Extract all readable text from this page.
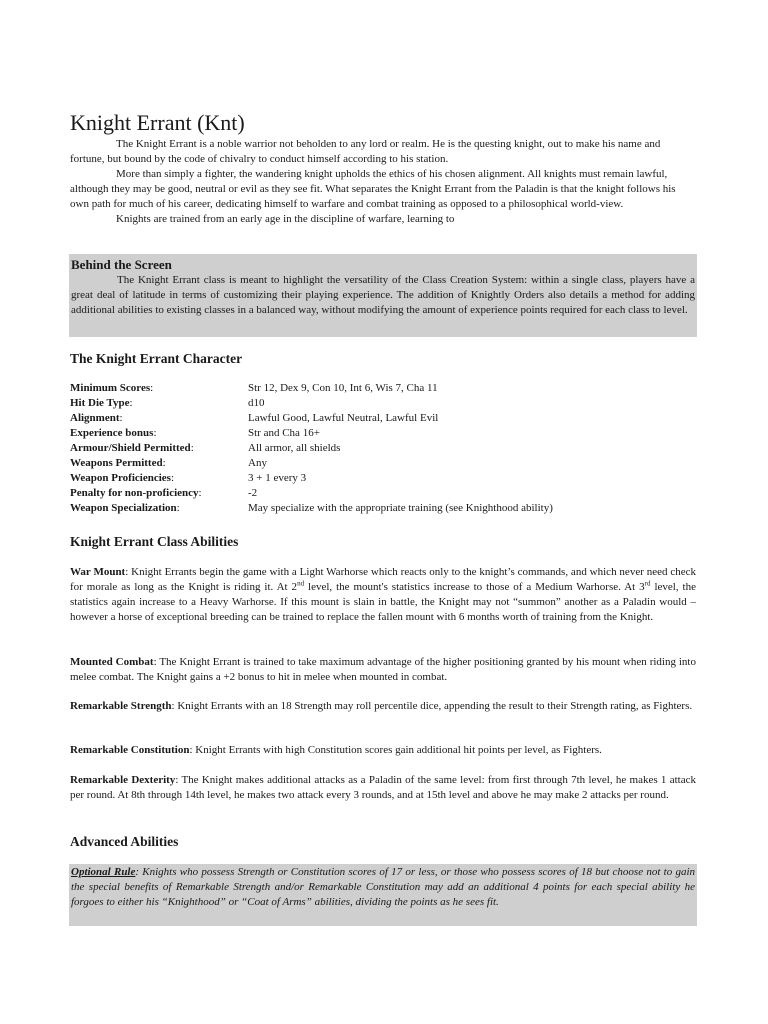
Knight Errant (Knt)

The Knight Errant is a noble warrior not beholden to any lord or realm. He is the questing knight, out to make his name and fortune, but bound by the code of chivalry to conduct himself according to his station.

More than simply a fighter, the wandering knight upholds the ethics of his chosen alignment. All knights must remain lawful, although they may be good, neutral or evil as they see fit. What separates the Knight Errant from the Paladin is that the knight follows his own path for much of his career, dedicating himself to warfare and combat training as opposed to a philosophical world-view.

Knights are trained from an early age in the discipline of warfare, learning to

Behind the Screen

The Knight Errant class is meant to highlight the versatility of the Class Creation System: within a single class, players have a great deal of latitude in terms of customizing their playing experience. The addition of Knightly Orders also details a method for adding additional abilities to existing classes in a balanced way, without modifying the amount of experience points required for each class to level.

The Knight Errant Character
Minimum Scores:	Str 12, Dex 9, Con 10, Int 6, Wis 7, Cha 11
Hit Die Type:	d10
Alignment:	Lawful Good, Lawful Neutral, Lawful Evil
Experience bonus:	Str and Cha 16+
Armour/Shield Permitted:	All armor, all shields
Weapons Permitted:	Any
Weapon Proficiencies:	3 + 1 every 3
Penalty for non-proficiency:	-2
Weapon Specialization:	May specialize with the appropriate training (see Knighthood ability)
Knight Errant Class Abilities

War Mount: Knight Errants begin the game with a Light Warhorse which reacts only to the knight’s commands, and which never need check for morale as long as the Knight is riding it. At 2nd level, the mount's statistics increase to those of a Medium Warhorse. At 3rd level, the statistics again increase to a Heavy Warhorse. If this mount is slain in battle, the Knight may not “summon” another as a Paladin would – however a horse of exceptional breeding can be trained to replace the fallen mount with 6 months worth of training from the Knight.

Mounted Combat: The Knight Errant is trained to take maximum advantage of the higher positioning granted by his mount when riding into melee combat. The Knight gains a +2 bonus to hit in melee when mounted in combat.

Remarkable Strength: Knight Errants with an 18 Strength may roll percentile dice, appending the result to their Strength rating, as Fighters.

Remarkable Constitution: Knight Errants with high Constitution scores gain additional hit points per level, as Fighters.

Remarkable Dexterity: The Knight makes additional attacks as a Paladin of the same level: from first through 7th level, he makes 1 attack per round. At 8th through 14th level, he makes two attack every 3 rounds, and at 15th level and above he may make 2 attacks per round.

Advanced Abilities
Optional Rule: Knights who possess Strength or Constitution scores of 17 or less, or those who possess scores of 18 but choose not to gain the special benefits of Remarkable Strength and/or Remarkable Constitution may add an additional 4 points for each special ability he forgoes to either his “Knighthood” or “Coat of Arms” abilities, dividing the points as he sees fit.
